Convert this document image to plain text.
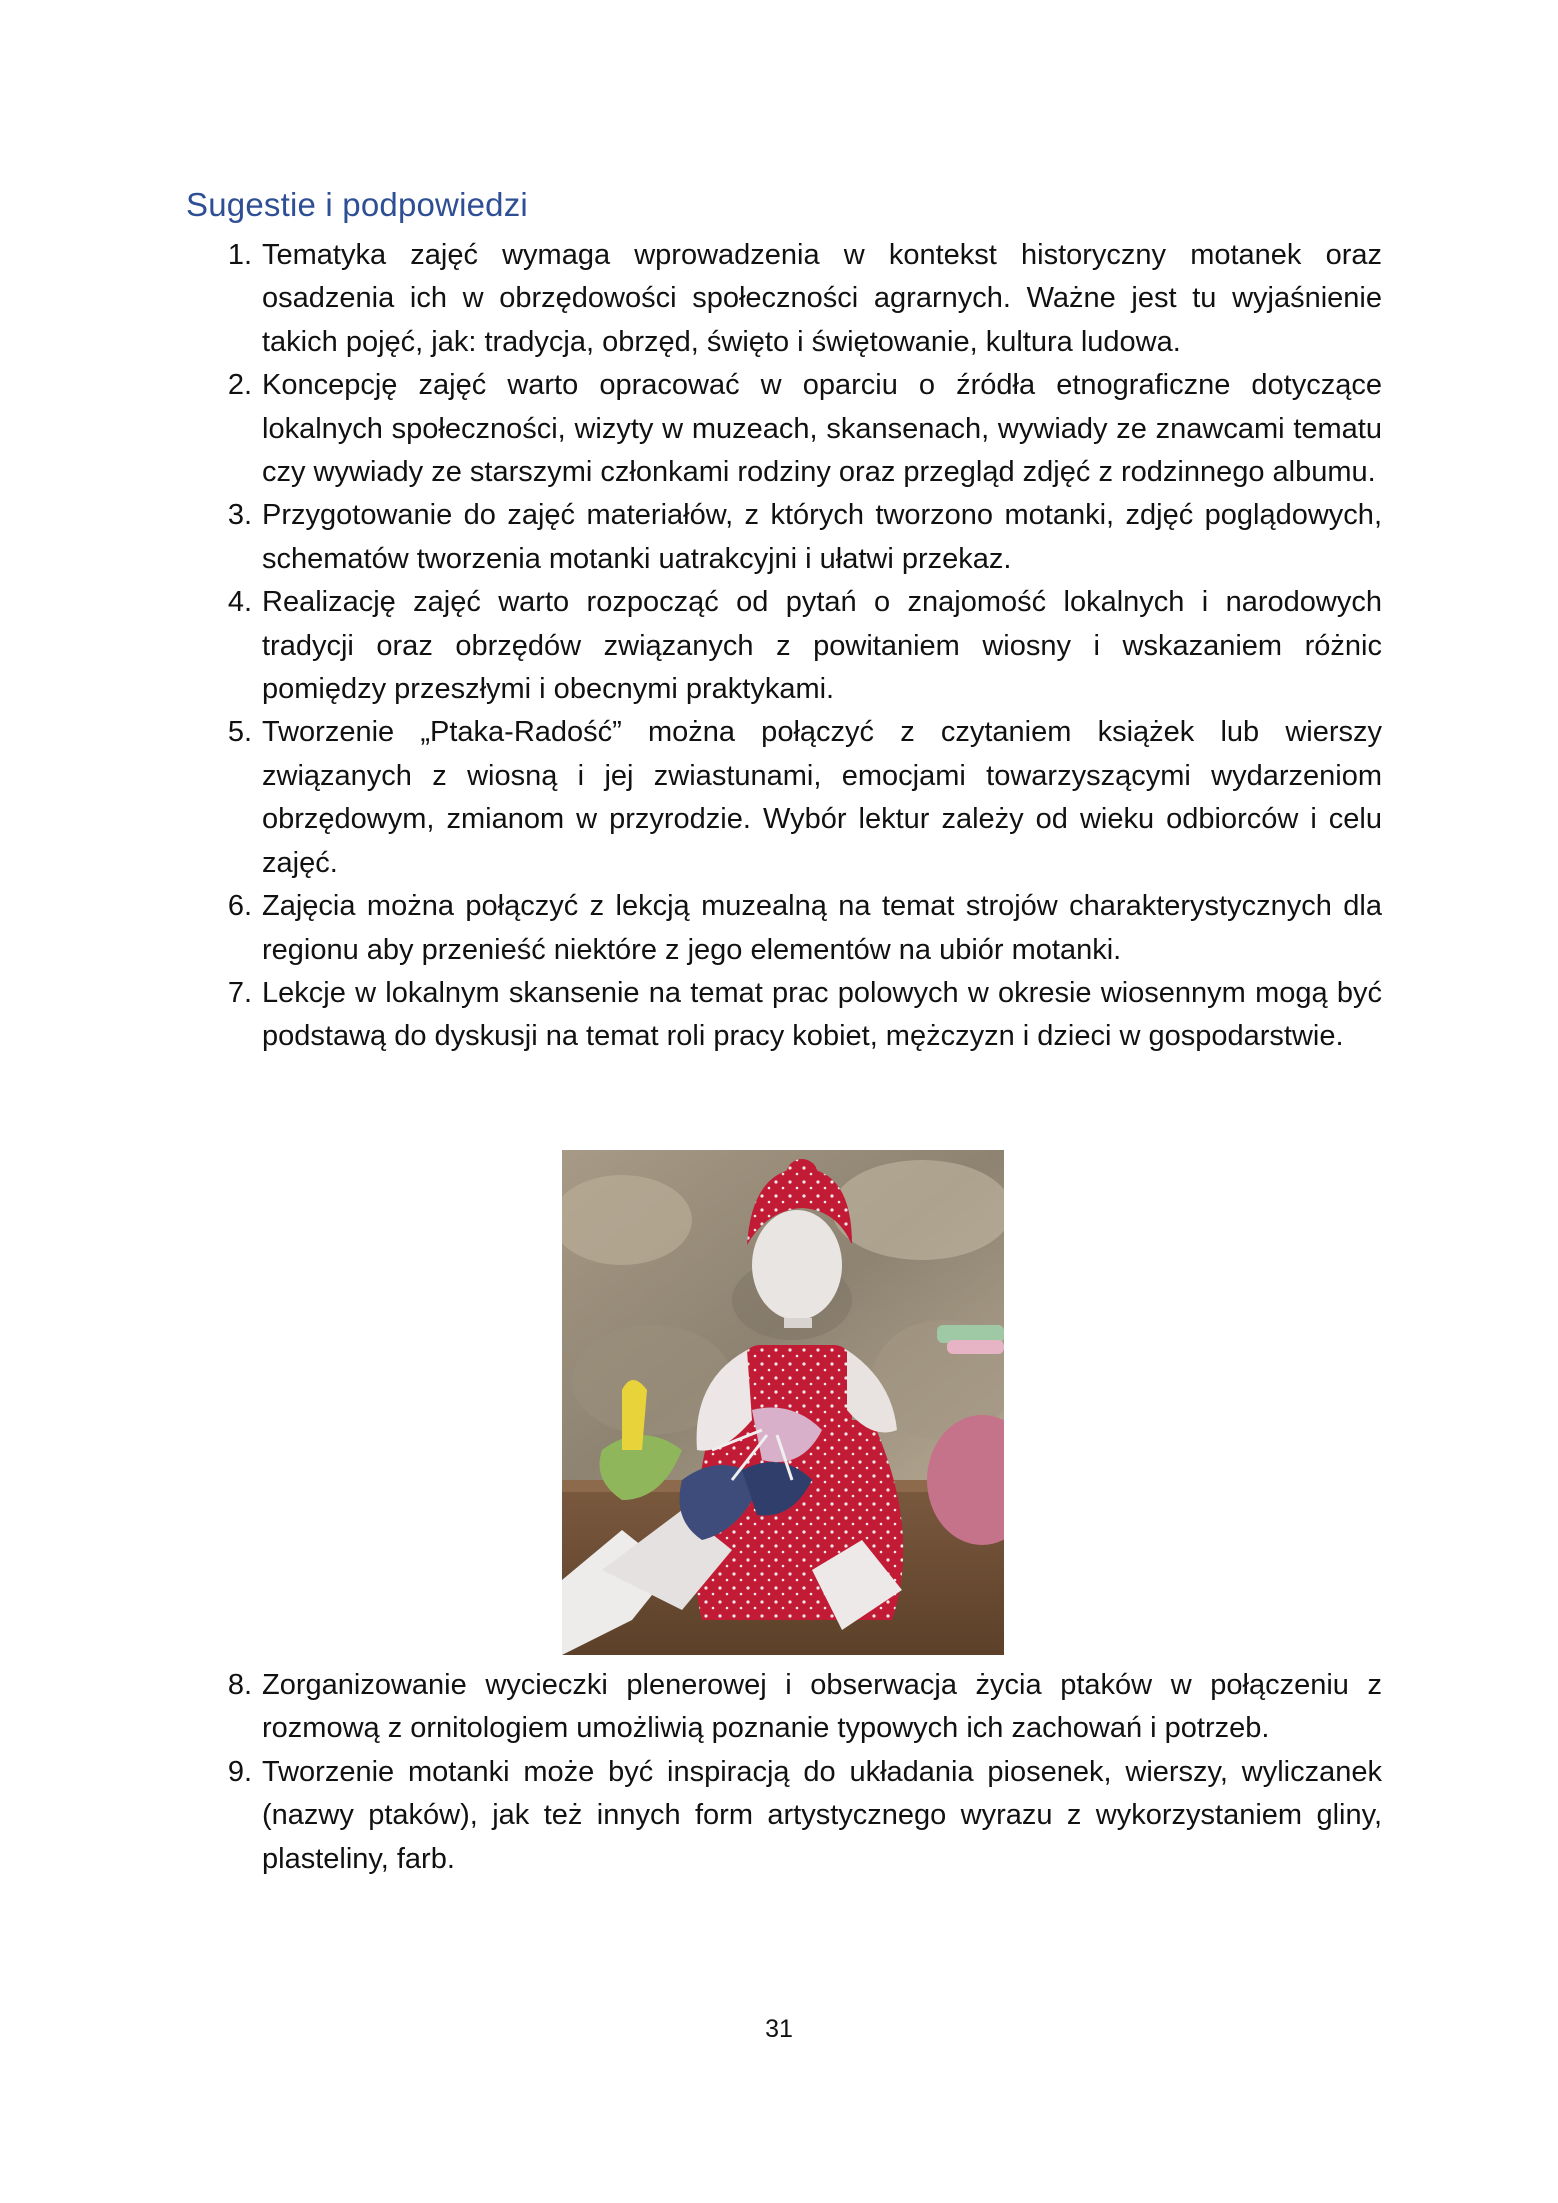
Sugestie i podpowiedzi
1. Tematyka zajęć wymaga wprowadzenia w kontekst historyczny motanek oraz osadzenia ich w obrzędowości społeczności agrarnych. Ważne jest tu wyjaśnienie takich pojęć, jak: tradycja, obrzęd, święto i świętowanie, kultura ludowa.
2. Koncepcję zajęć warto opracować w oparciu o źródła etnograficzne dotyczące lokalnych społeczności, wizyty w muzeach, skansenach, wywiady ze znawcami tematu czy wywiady ze starszymi członkami rodziny oraz przegląd zdjęć z rodzinnego albumu.
3. Przygotowanie do zajęć materiałów, z których tworzono motanki, zdjęć poglądowych, schematów tworzenia motanki uatrakcyjni i ułatwi przekaz.
4. Realizację zajęć warto rozpocząć od pytań o znajomość lokalnych i narodowych tradycji oraz obrzędów związanych z powitaniem wiosny i wskazaniem różnic pomiędzy przeszłymi i obecnymi praktykami.
5. Tworzenie „Ptaka-Radość” można połączyć z czytaniem książek lub wierszy związanych z wiosną i jej zwiastunami, emocjami towarzyszącymi wydarzeniom obrzędowym, zmianom w przyrodzie. Wybór lektur zależy od wieku odbiorców i celu zajęć.
6. Zajęcia można połączyć z lekcją muzealną na temat strojów charakterystycznych dla regionu aby przenieść niektóre z jego elementów na ubiór motanki.
7. Lekcje w lokalnym skansenie na temat prac polowych w okresie wiosennym mogą być podstawą do dyskusji na temat roli pracy kobiet, mężczyzn i dzieci w gospodarstwie.
8. Zorganizowanie wycieczki plenerowej i obserwacja życia ptaków w połączeniu z rozmową z ornitologiem umożliwią poznanie typowych ich zachowań i potrzeb.
9. Tworzenie motanki może być inspiracją do układania piosenek, wierszy, wyliczanek (nazwy ptaków), jak też innych form artystycznego wyrazu z wykorzystaniem gliny, plasteliny, farb.
31
